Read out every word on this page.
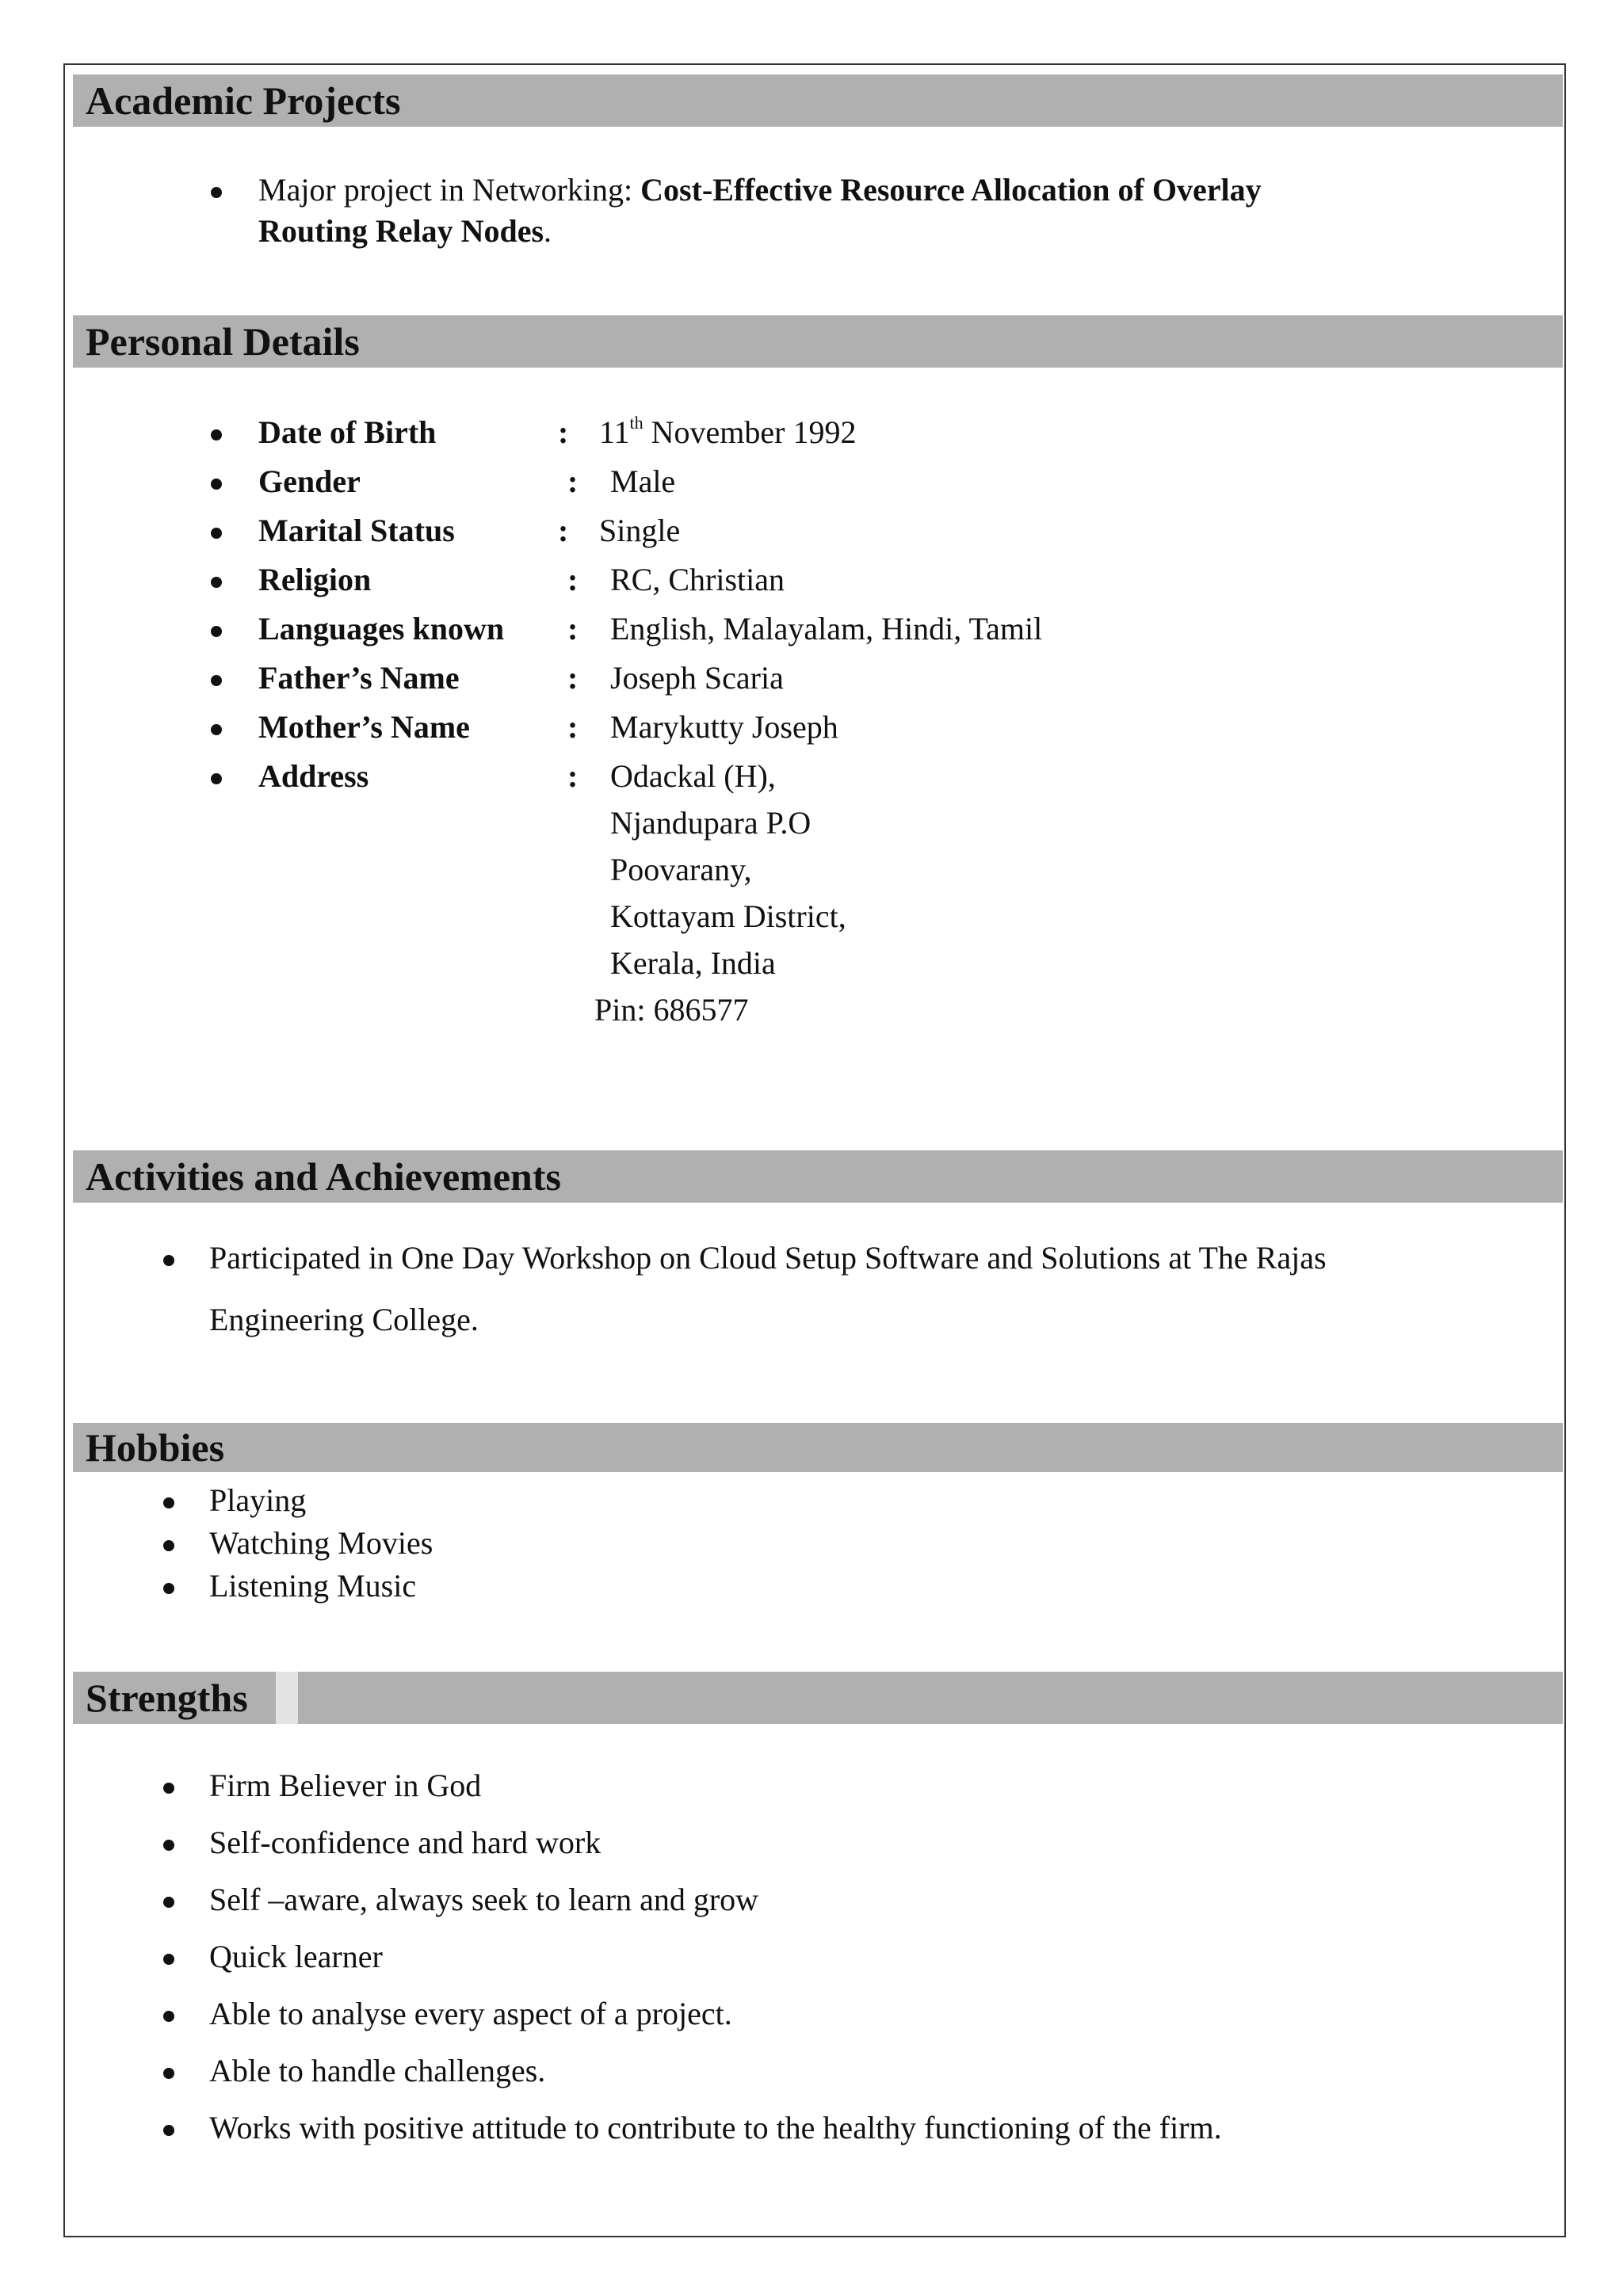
Academic Projects
Major project in Networking: Cost-Effective Resource Allocation of Overlay
Routing Relay Nodes.
Personal Details
Date of Birth	: 11th November 1992
Gender	: Male
Marital Status	: Single
Religion	: RC, Christian
Languages known : English, Malayalam, Hindi, Tamil
Father’s Name	: Joseph Scaria
Mother’s Name	: Marykutty Joseph
Address	: Odackal (H),
Njandupara P.O
Poovarany,
Kottayam District,
Kerala, India
Pin: 686577
Activities and Achievements
Participated in One Day Workshop on Cloud Setup Software and Solutions at The Rajas
Engineering College.
Hobbies
Playing
Watching Movies
Listening Music
Strengths
Firm Believer in God
Self-confidence and hard work
Self –aware, always seek to learn and grow
Quick learner
Able to analyse every aspect of a project.
Able to handle challenges.
Works with positive attitude to contribute to the healthy functioning of the firm.
